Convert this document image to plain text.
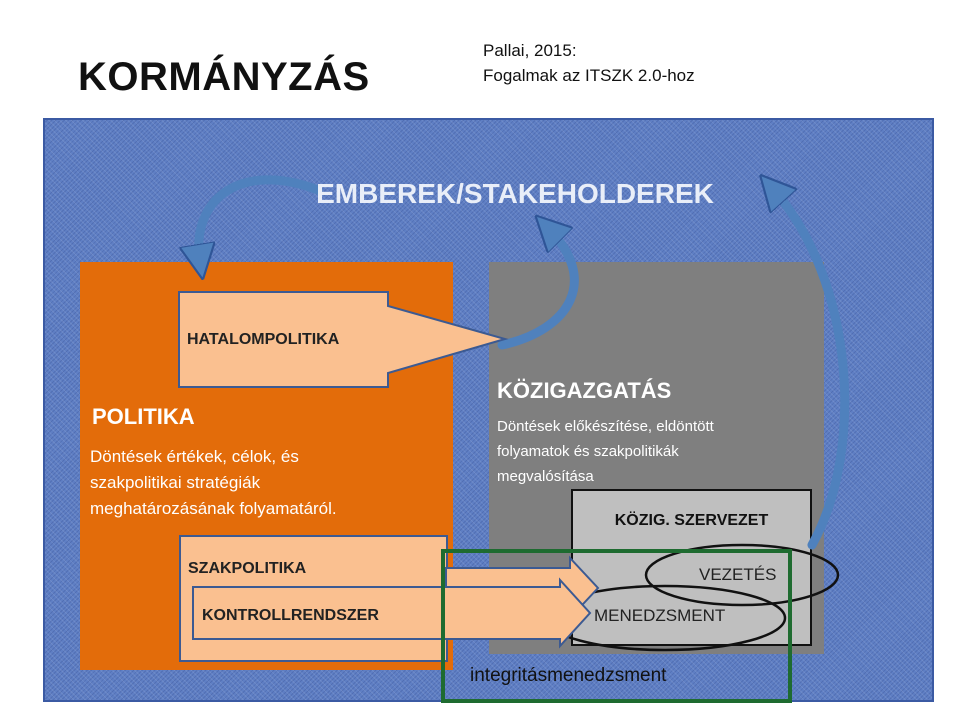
KORMÁNYZÁS
Pallai, 2015:
Fogalmak az ITSZK 2.0-hoz
POLITIKA
Döntések értékek, célok, és
szakpolitikai stratégiák
meghatározásának folyamatáról.
KÖZIGAZGATÁS
Döntések előkészítése, eldöntött
folyamatok és szakpolitikák
megvalósítása
EMBEREK/STAKEHOLDEREK
HATALOMPOLITIKA
SZAKPOLITIKA
KONTROLLRENDSZER
KÖZIG. SZERVEZET
VEZETÉS
MENEDZSMENT
integritásmenedzsment
